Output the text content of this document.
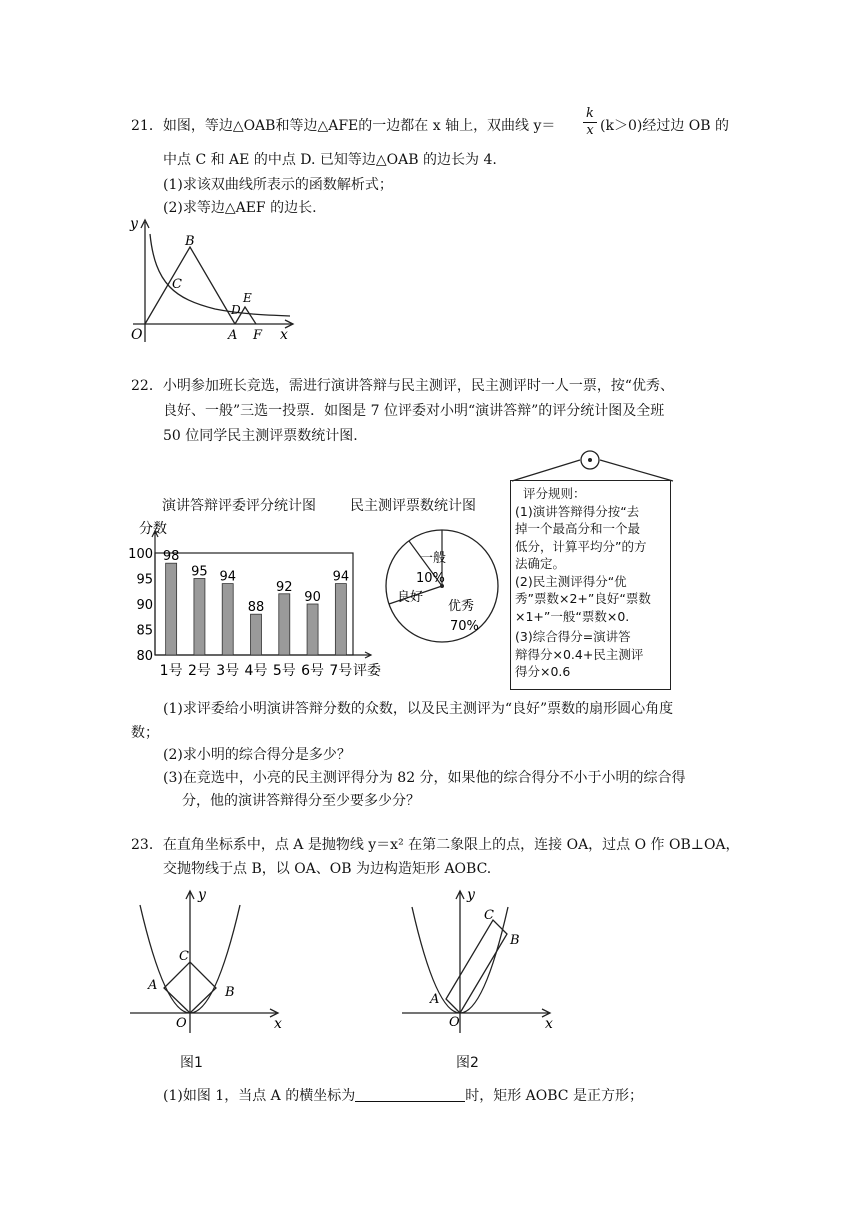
21．如图，等边△OAB和等边△AFE的一边都在 x 轴上，双曲线 y＝
k
x (k＞0)经过边 OB 的
中点 C 和 AE 的中点 D. 已知等边△OAB 的边长为 4.
(1)求该双曲线所表示的函数解析式；
(2)求等边△AEF 的边长.
y
O
B
C
D
E
A F x
22．小明参加班长竞选，需进行演讲答辩与民主测评，民主测评时一人一票，按“优秀、
良好、一般”三选一投票．如图是 7 位评委对小明“演讲答辩”的评分统计图及全班
50 位同学民主测评票数统计图.
演讲答辩评委评分统计图
分数
80
85
90
95
100 98
1号
95
2号
94
3号
88
4号
92
5号
90
6号
94
7号 评委
民主测评票数统计图
一般
10%
良好
优秀
70%
评分规则：
(1)演讲答辩得分按“去
掉一个最高分和一个最
低分，计算平均分”的方
法确定。
(2)民主测评得分“优
秀”票数×2+”良好“票数
×1+”一般“票数×0.
(3)综合得分=演讲答
辩得分×0.4+民主测评
得分×0.6
(1)求评委给小明演讲答辩分数的众数，以及民主测评为“良好”票数的扇形圆心角度
数；
(2)求小明的综合得分是多少？
(3)在竞选中，小亮的民主测评得分为 82 分，如果他的综合得分不小于小明的综合得
分，他的演讲答辩得分至少要多少分？
23．在直角坐标系中，点 A 是抛物线 y＝x² 在第二象限上的点，连接 OA，过点 O 作 OB⊥OA，
交抛物线于点 B，以 OA、OB 为边构造矩形 AOBC.
y
C
A	B
O	x
图1
y
C
B
A
O	x
图2
(1)如图 1，当点 A 的横坐标为	时，矩形 AOBC 是正方形；
